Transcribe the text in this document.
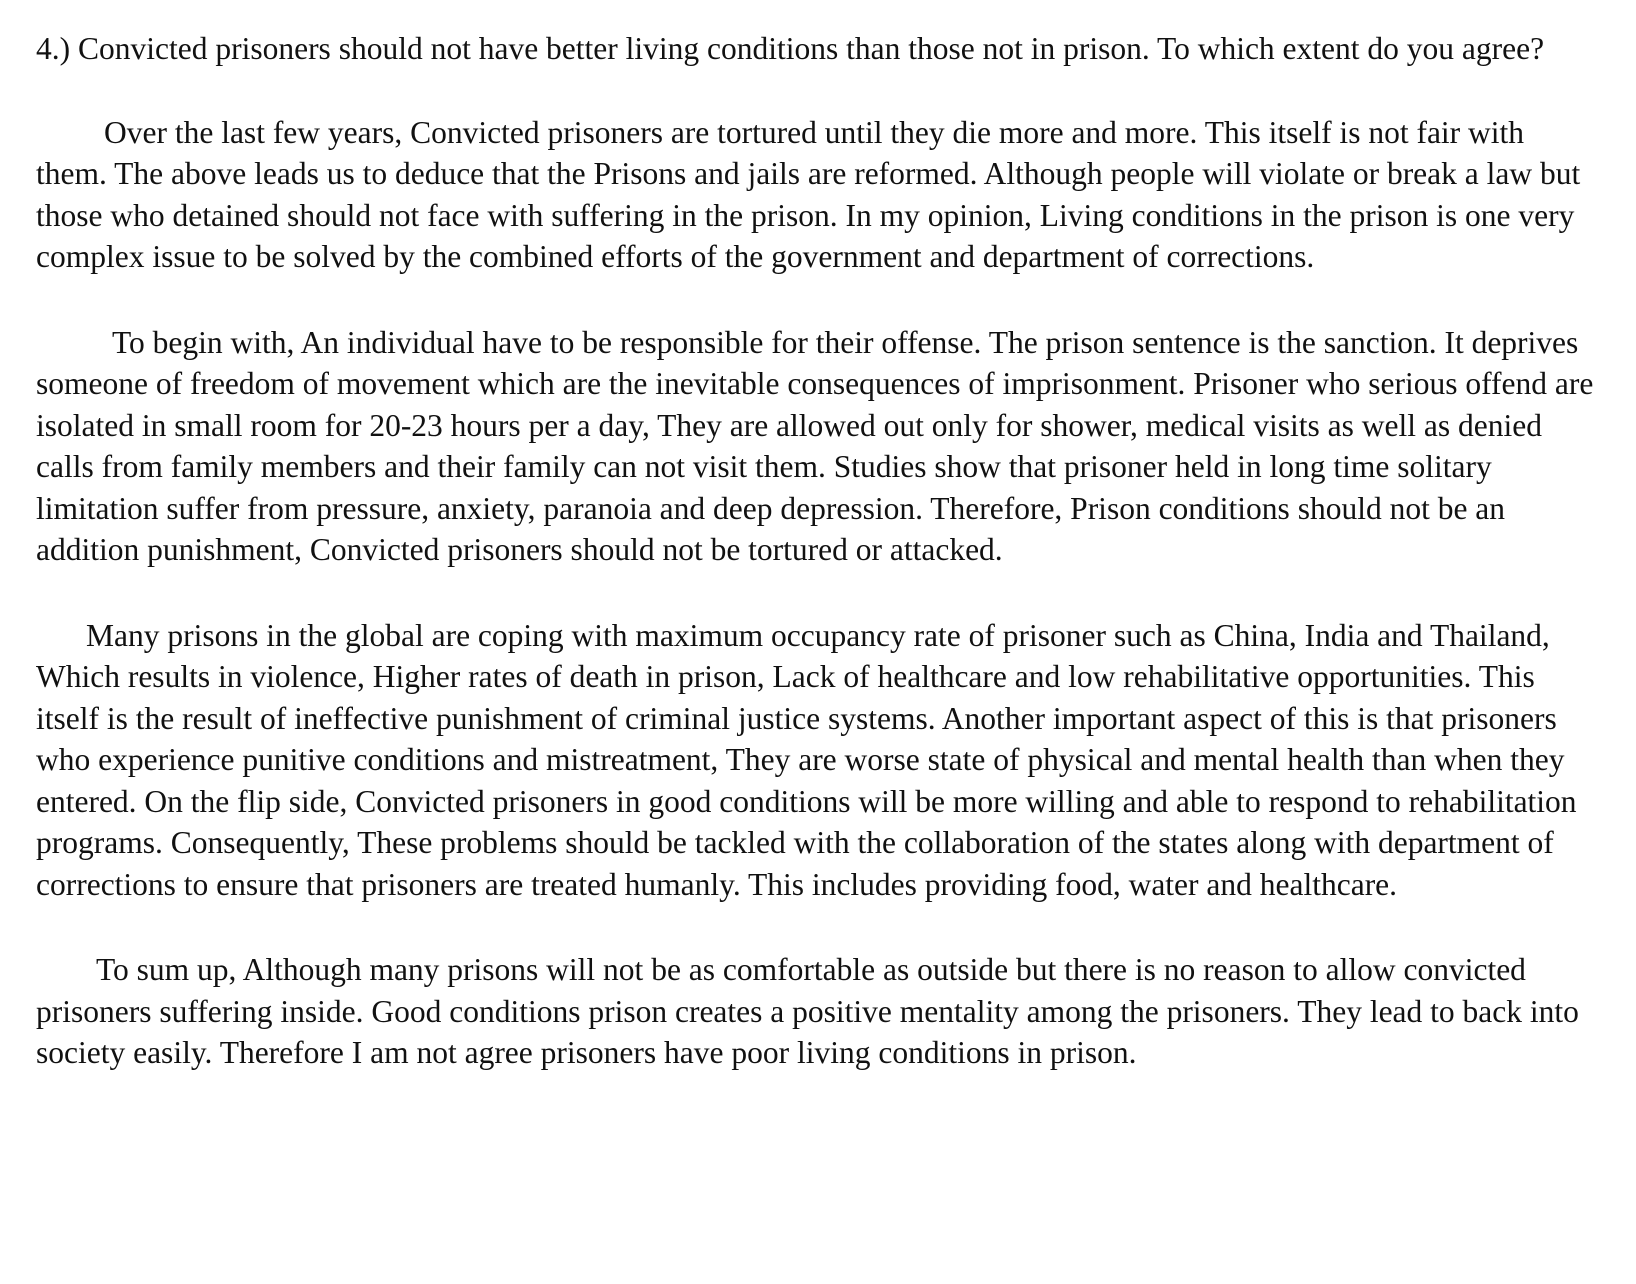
4.) Convicted prisoners should not have better living conditions than those not in prison. To which extent do you agree?

Over the last few years, Convicted prisoners are tortured until they die more and more. This itself is not fair with them. The above leads us to deduce that the Prisons and jails are reformed. Although people will violate or break a law but those who detained should not face with suffering in the prison. In my opinion, Living conditions in the prison is one very complex issue to be solved by the combined efforts of the government and department of corrections.

To begin with, An individual have to be responsible for their offense. The prison sentence is the sanction. It deprives someone of freedom of movement which are the inevitable consequences of imprisonment. Prisoner who serious offend are isolated in small room for 20-23 hours per a day, They are allowed out only for shower, medical visits as well as denied calls from family members and their family can not visit them. Studies show that prisoner held in long time solitary limitation suffer from pressure, anxiety, paranoia and deep depression. Therefore, Prison conditions should not be an addition punishment, Convicted prisoners should not be tortured or attacked.

Many prisons in the global are coping with maximum occupancy rate of prisoner such as China, India and Thailand, Which results in violence, Higher rates of death in prison, Lack of healthcare and low rehabilitative opportunities. This itself is the result of ineffective punishment of criminal justice systems. Another important aspect of this is that prisoners who experience punitive conditions and mistreatment, They are worse state of physical and mental health than when they entered. On the flip side, Convicted prisoners in good conditions will be more willing and able to respond to rehabilitation programs. Consequently, These problems should be tackled with the collaboration of the states along with department of corrections to ensure that prisoners are treated humanly. This includes providing food, water and healthcare.

To sum up, Although many prisons will not be as comfortable as outside but there is no reason to allow convicted prisoners suffering inside. Good conditions prison creates a positive mentality among the prisoners. They lead to back into society easily. Therefore I am not agree prisoners have poor living conditions in prison.
